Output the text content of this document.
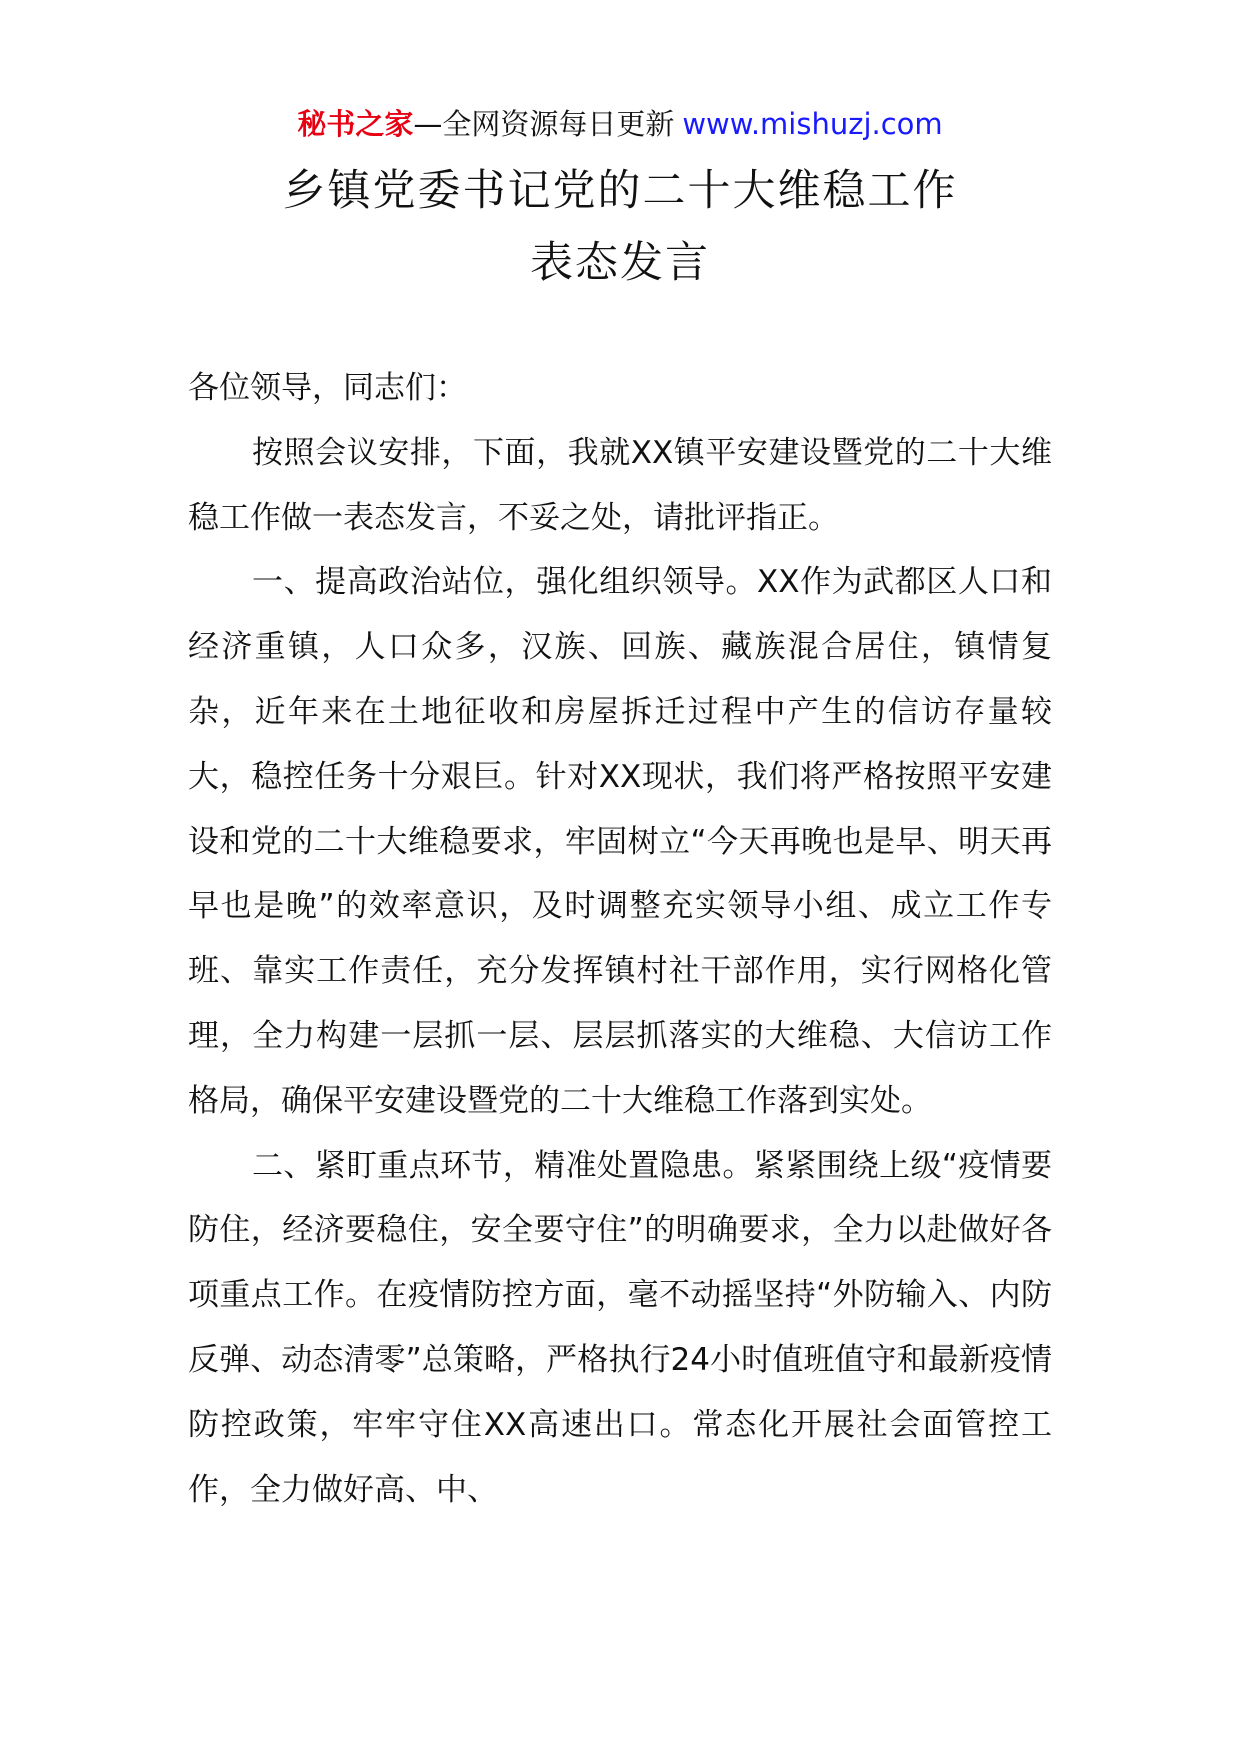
秘书之家—全网资源每日更新 www.mishuzj.com
乡镇党委书记党的二十大维稳工作
表态发言

各位领导，同志们：

按照会议安排，下面，我就XX镇平安建设暨党的二十大维稳工作做一表态发言，不妥之处，请批评指正。

一、提高政治站位，强化组织领导。XX作为武都区人口和经济重镇，人口众多，汉族、回族、藏族混合居住，镇情复杂，近年来在土地征收和房屋拆迁过程中产生的信访存量较大，稳控任务十分艰巨。针对XX现状，我们将严格按照平安建设和党的二十大维稳要求，牢固树立“今天再晚也是早、明天再早也是晚”的效率意识，及时调整充实领导小组、成立工作专班、靠实工作责任，充分发挥镇村社干部作用，实行网格化管理，全力构建一层抓一层、层层抓落实的大维稳、大信访工作格局，确保平安建设暨党的二十大维稳工作落到实处。

二、紧盯重点环节，精准处置隐患。紧紧围绕上级“疫情要防住，经济要稳住，安全要守住”的明确要求，全力以赴做好各项重点工作。在疫情防控方面，毫不动摇坚持“外防输入、内防反弹、动态清零”总策略，严格执行24小时值班值守和最新疫情防控政策，牢牢守住XX高速出口。常态化开展社会面管控工作，全力做好高、中、
